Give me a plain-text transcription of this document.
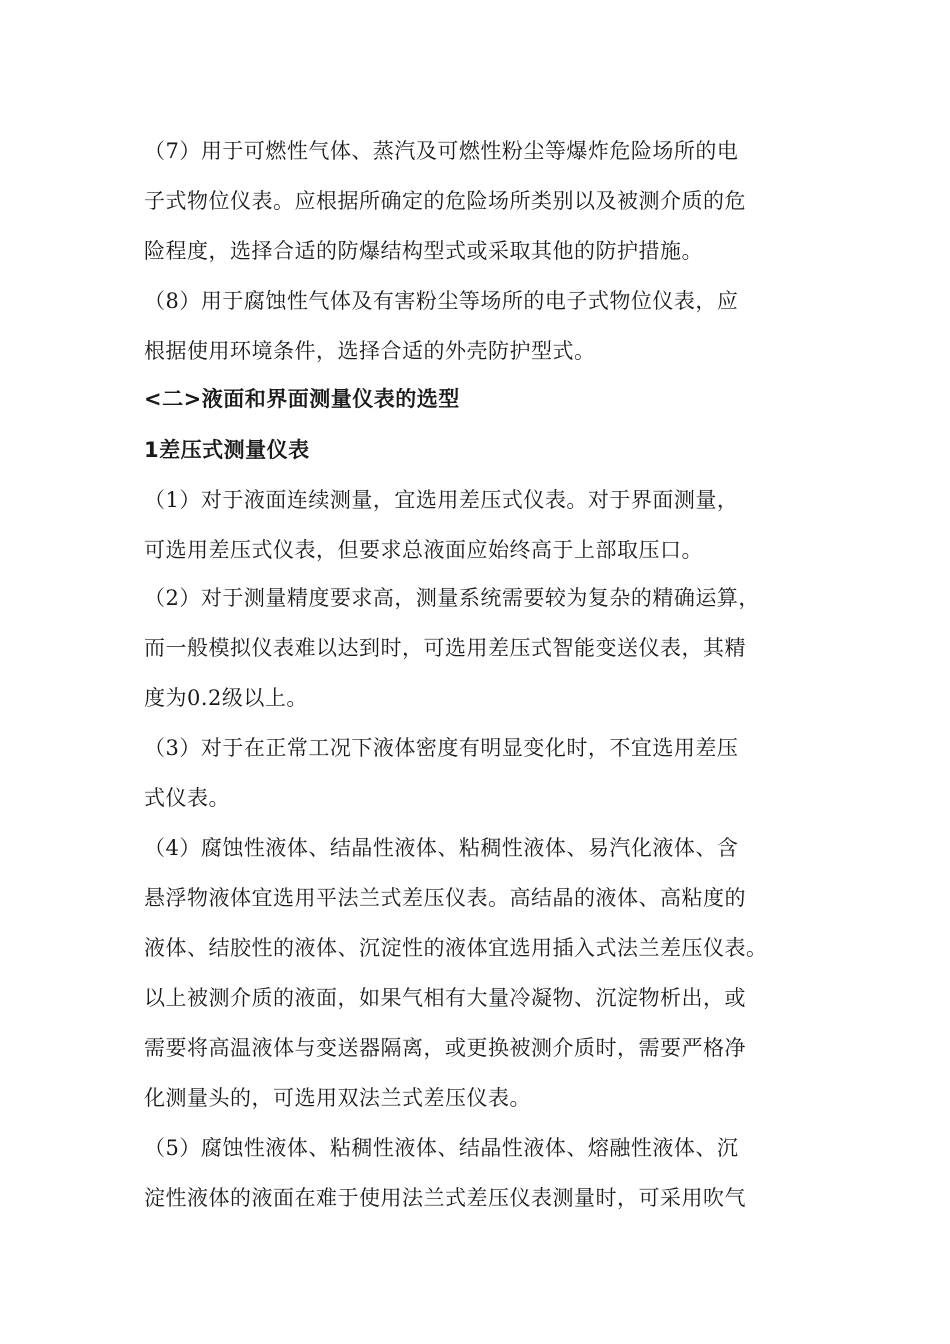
（7）用于可燃性气体、蒸汽及可燃性粉尘等爆炸危险场所的电
子式物位仪表。应根据所确定的危险场所类别以及被测介质的危
险程度，选择合适的防爆结构型式或采取其他的防护措施。
（8）用于腐蚀性气体及有害粉尘等场所的电子式物位仪表，应
根据使用环境条件，选择合适的外壳防护型式。
<二>液面和界面测量仪表的选型
1差压式测量仪表
（1）对于液面连续测量，宜选用差压式仪表。对于界面测量，
可选用差压式仪表，但要求总液面应始终高于上部取压口。
（2）对于测量精度要求高，测量系统需要较为复杂的精确运算，
而一般模拟仪表难以达到时，可选用差压式智能变送仪表，其精
度为0.2级以上。
（3）对于在正常工况下液体密度有明显变化时，不宜选用差压
式仪表。
（4）腐蚀性液体、结晶性液体、粘稠性液体、易汽化液体、含
悬浮物液体宜选用平法兰式差压仪表。高结晶的液体、高粘度的
液体、结胶性的液体、沉淀性的液体宜选用插入式法兰差压仪表。
以上被测介质的液面，如果气相有大量冷凝物、沉淀物析出，或
需要将高温液体与变送器隔离，或更换被测介质时，需要严格净
化测量头的，可选用双法兰式差压仪表。
（5）腐蚀性液体、粘稠性液体、结晶性液体、熔融性液体、沉
淀性液体的液面在难于使用法兰式差压仪表测量时，可采用吹气
